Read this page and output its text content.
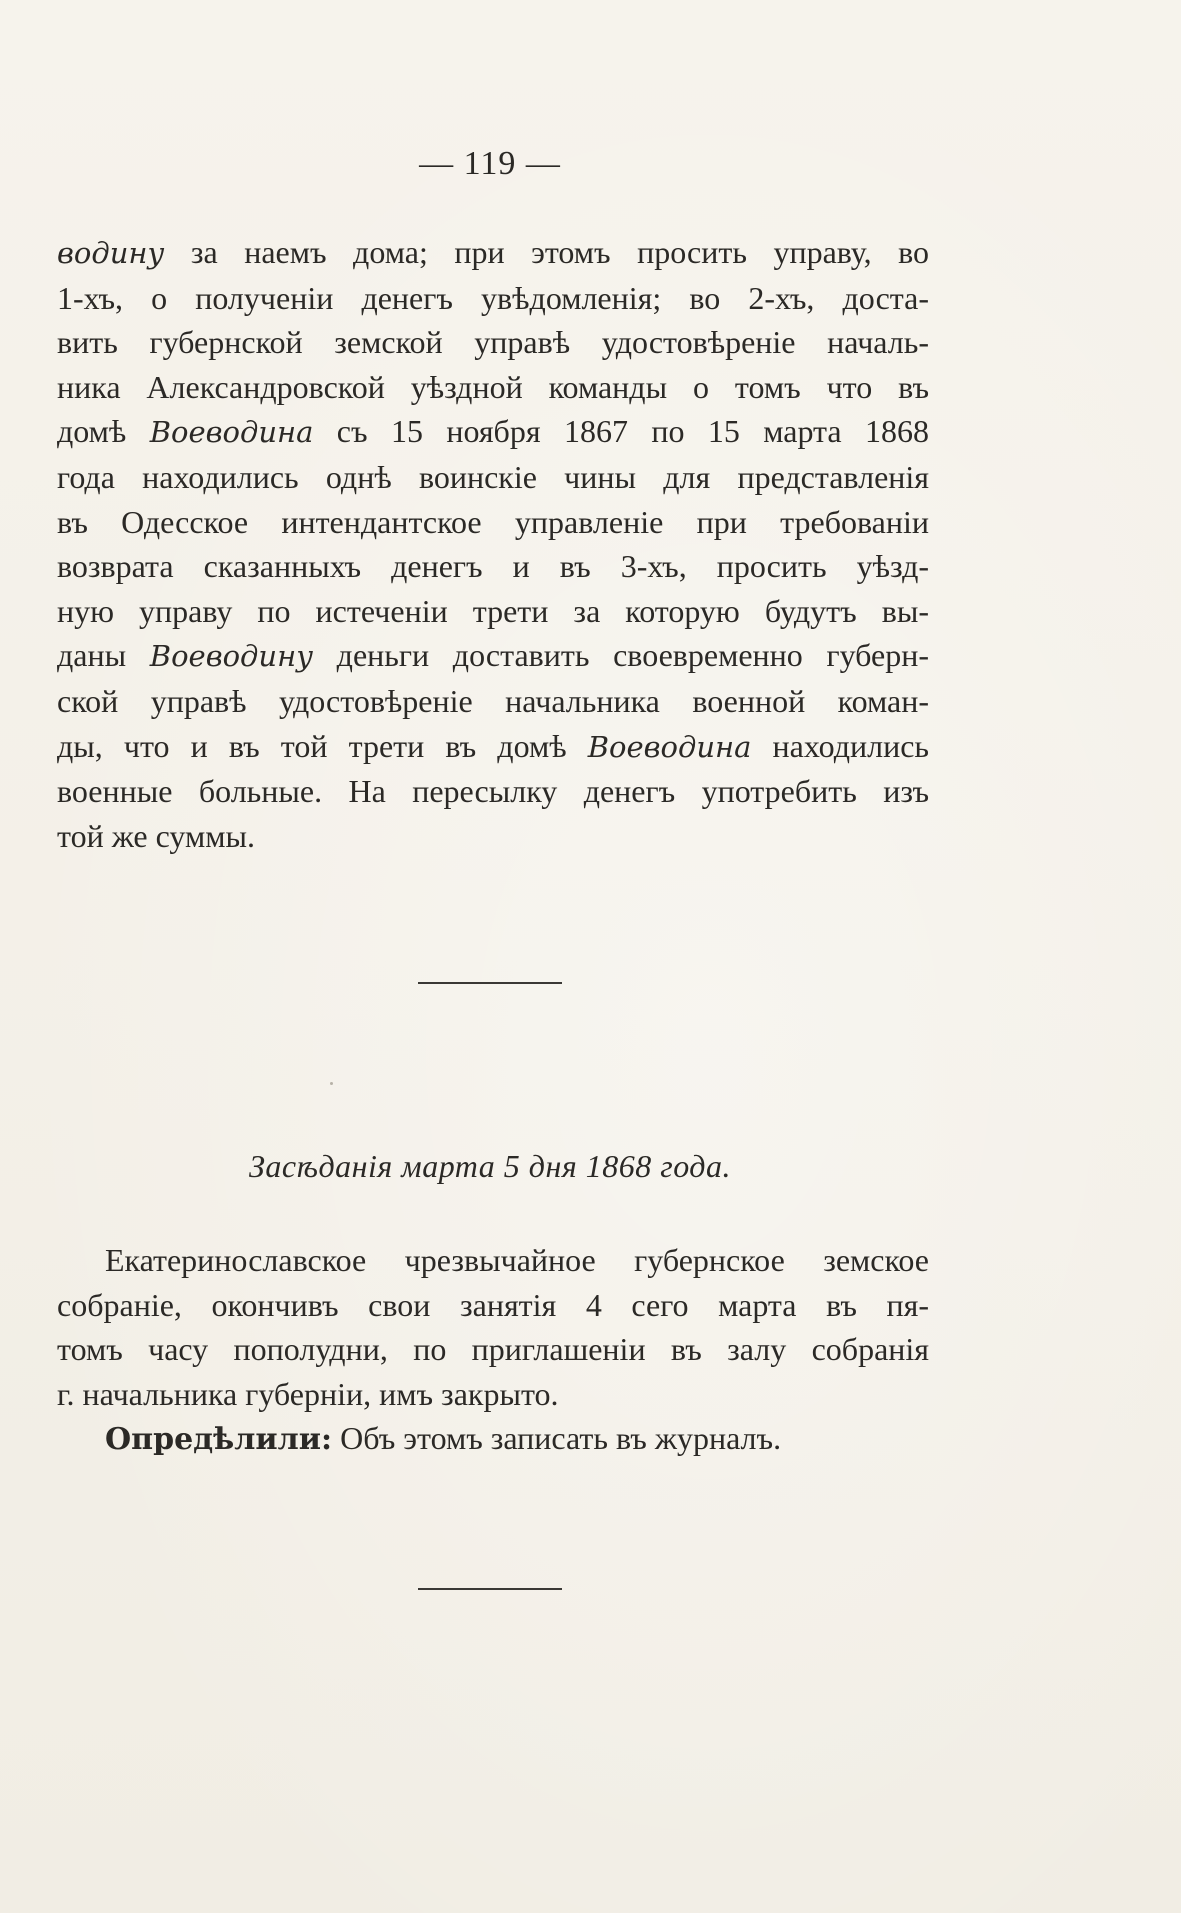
— 119 —
водину за наемъ дома; при этомъ просить управу, во
1-хъ, о полученіи денегъ увѣдомленія; во 2-хъ, доста-
вить губернской земской управѣ удостовѣреніе началь-
ника Александровской уѣздной команды о томъ что въ
домѣ Воеводина съ 15 ноября 1867 по 15 марта 1868
года находились однѣ воинскіе чины для представленія
въ Одесское интендантское управленіе при требованіи
возврата сказанныхъ денегъ и въ 3-хъ, просить уѣзд-
ную управу по истеченіи трети за которую будутъ вы-
даны Воеводину деньги доставить своевременно губерн-
ской управѣ удостовѣреніе начальника военной коман-
ды, что и въ той трети въ домѣ Воеводина находились
военные больные. На пересылку денегъ употребить изъ
той же суммы.
Засѣданія марта 5 дня 1868 года.
Екатеринославское чрезвычайное губернское земское
собраніе, окончивъ свои занятія 4 сего марта въ пя-
томъ часу пополудни, по приглашеніи въ залу собранія
г. начальника губерніи, имъ закрыто.
Опредѣлили: Объ этомъ записать въ журналъ.
